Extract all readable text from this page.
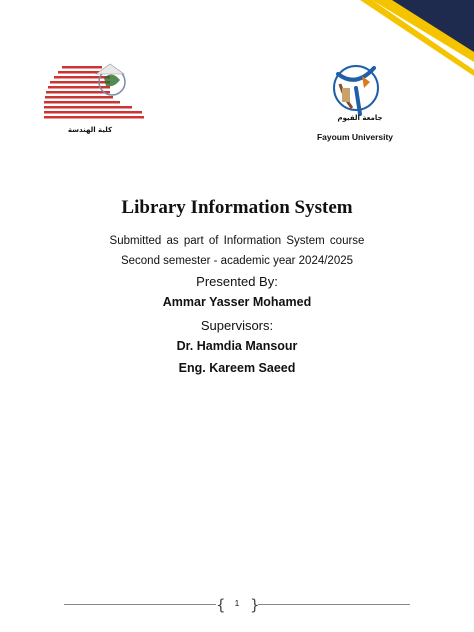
كلية الهندسة
جامعة الفيوم
Fayoum University
Library Information System
Submitted as part of Information System course
Second semester - academic year 2024/2025
Presented By:
Ammar Yasser Mohamed
Supervisors:
Dr. Hamdia Mansour
Eng. Kareem Saeed
{ }
1
